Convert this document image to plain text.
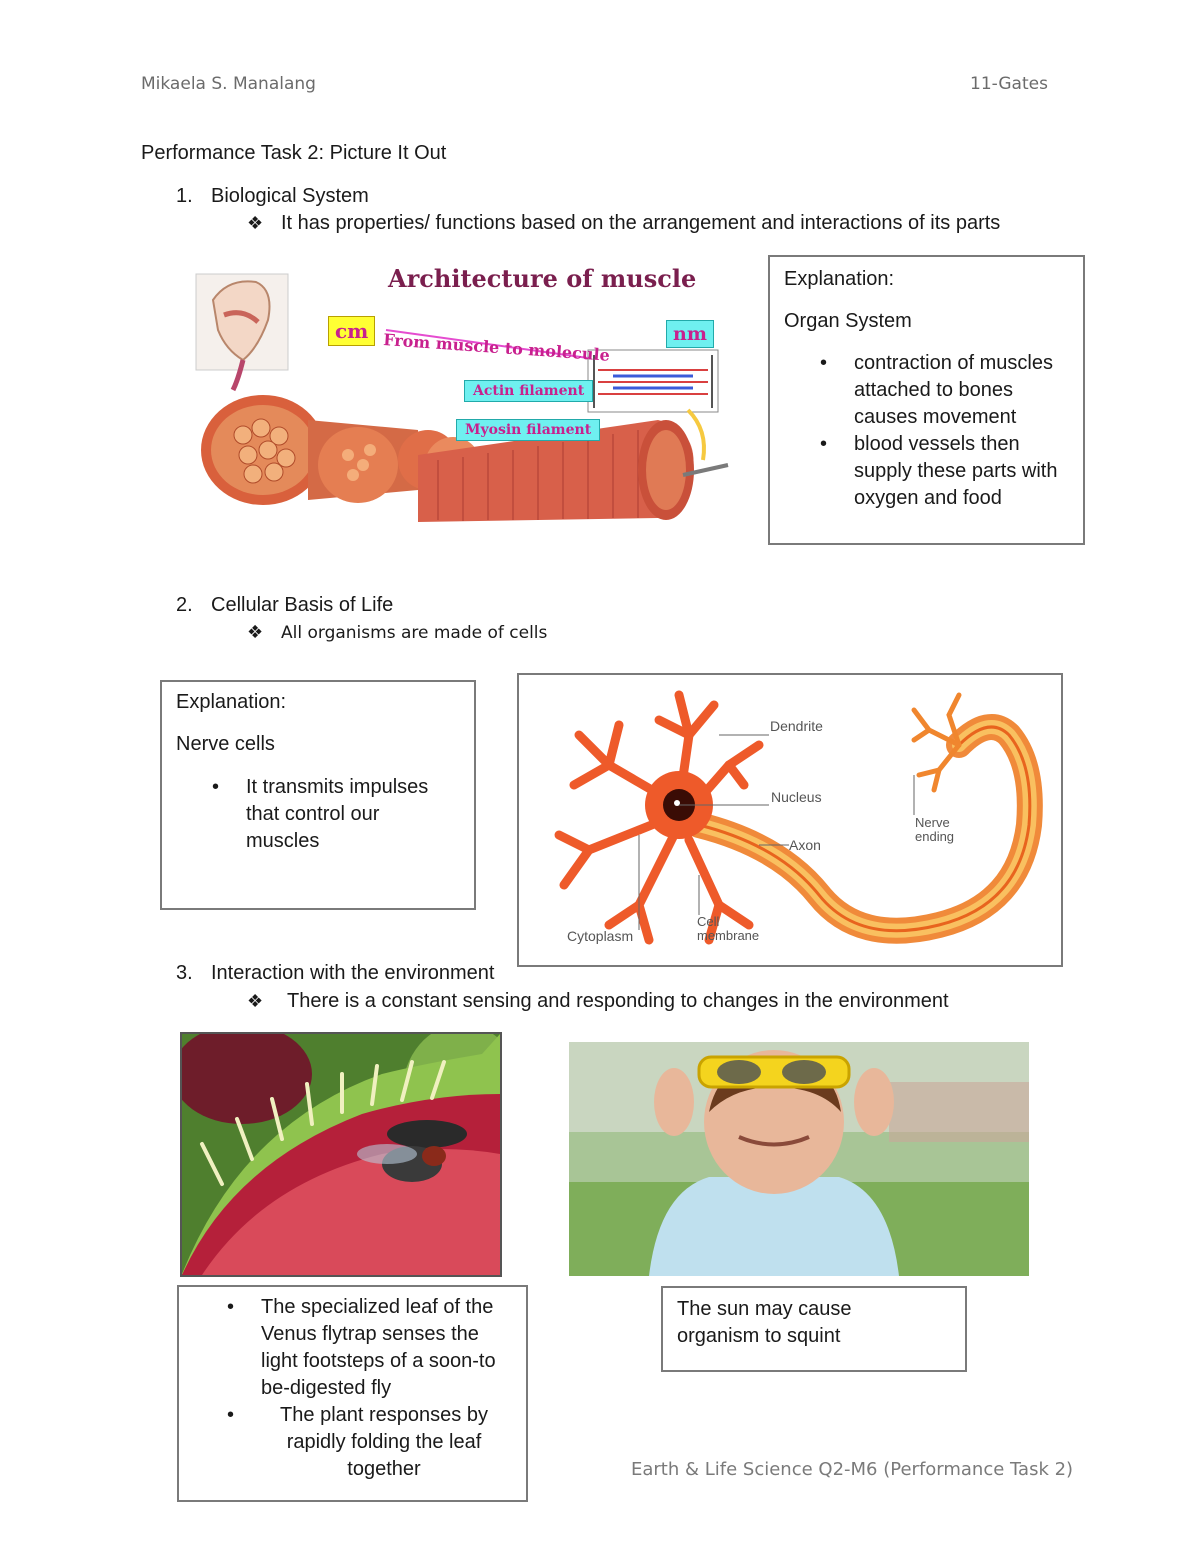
Mikaela S. Manalang	11-Gates
Performance Task 2: Picture It Out
1. Biological System
❖ It has properties/ functions based on the arrangement and interactions of its parts
Architecture of muscle
cm	nm
From muscle to molecule
Actin filament
Myosin filament
Explanation:
Organ System
• contraction of muscles attached to bones causes movement
• blood vessels then supply these parts with oxygen and food
2. Cellular Basis of Life
❖ All organisms are made of cells
Explanation:
Nerve cells
• It transmits impulses that control our muscles
Dendrite
Nucleus
Axon
Nerve ending
Cytoplasm
Cell membrane
3. Interaction with the environment
❖ There is a constant sensing and responding to changes in the environment
• The specialized leaf of the Venus flytrap senses the light footsteps of a soon-to be-digested fly
• The plant responses by rapidly folding the leaf together
The sun may cause organism to squint
Earth & Life Science Q2-M6 (Performance Task 2)
